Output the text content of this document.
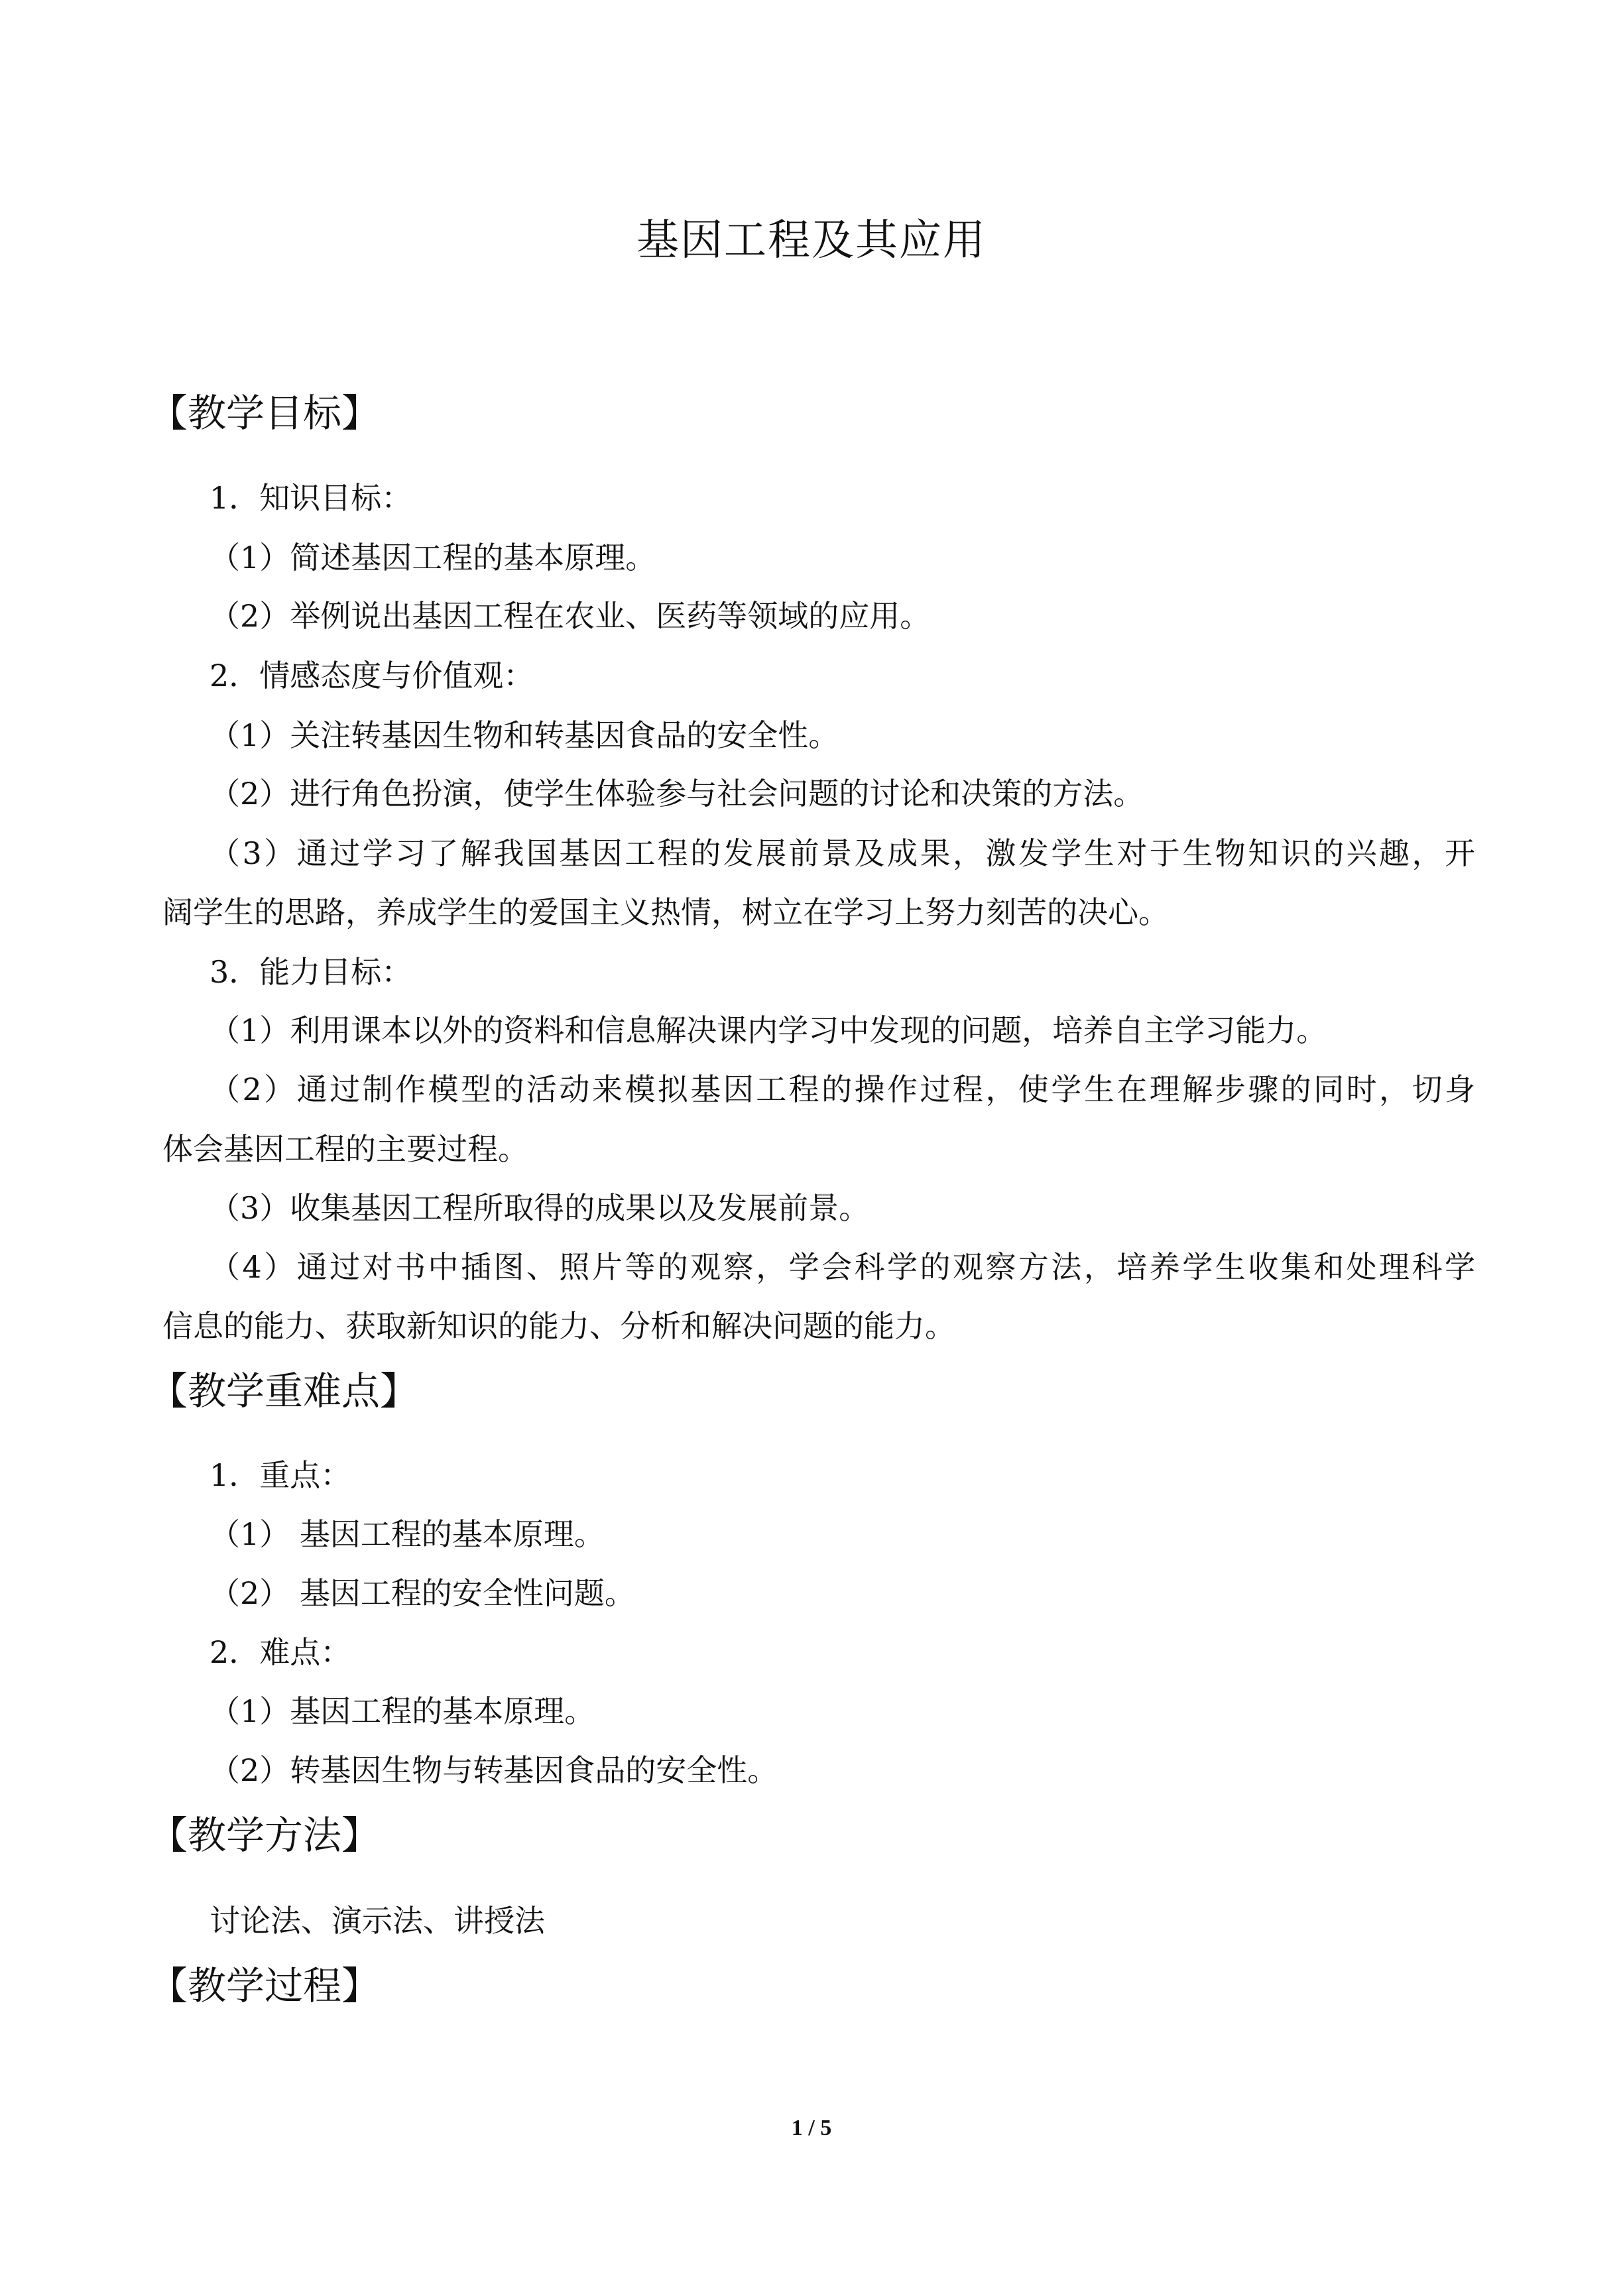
基因工程及其应用
【教学目标】
1．知识目标：
（1）简述基因工程的基本原理。
（2）举例说出基因工程在农业、医药等领域的应用。
2．情感态度与价值观：
（1）关注转基因生物和转基因食品的安全性。
（2）进行角色扮演，使学生体验参与社会问题的讨论和决策的方法。
（3）通过学习了解我国基因工程的发展前景及成果，激发学生对于生物知识的兴趣，开
阔学生的思路，养成学生的爱国主义热情，树立在学习上努力刻苦的决心。
3．能力目标：
（1）利用课本以外的资料和信息解决课内学习中发现的问题，培养自主学习能力。
（2）通过制作模型的活动来模拟基因工程的操作过程，使学生在理解步骤的同时，切身
体会基因工程的主要过程。
（3）收集基因工程所取得的成果以及发展前景。
（4）通过对书中插图、照片等的观察，学会科学的观察方法，培养学生收集和处理科学
信息的能力、获取新知识的能力、分析和解决问题的能力。
【教学重难点】
1．重点：
（1） 基因工程的基本原理。
（2） 基因工程的安全性问题。
2．难点：
（1）基因工程的基本原理。
（2）转基因生物与转基因食品的安全性。
【教学方法】
讨论法、演示法、讲授法
【教学过程】
1 / 5
